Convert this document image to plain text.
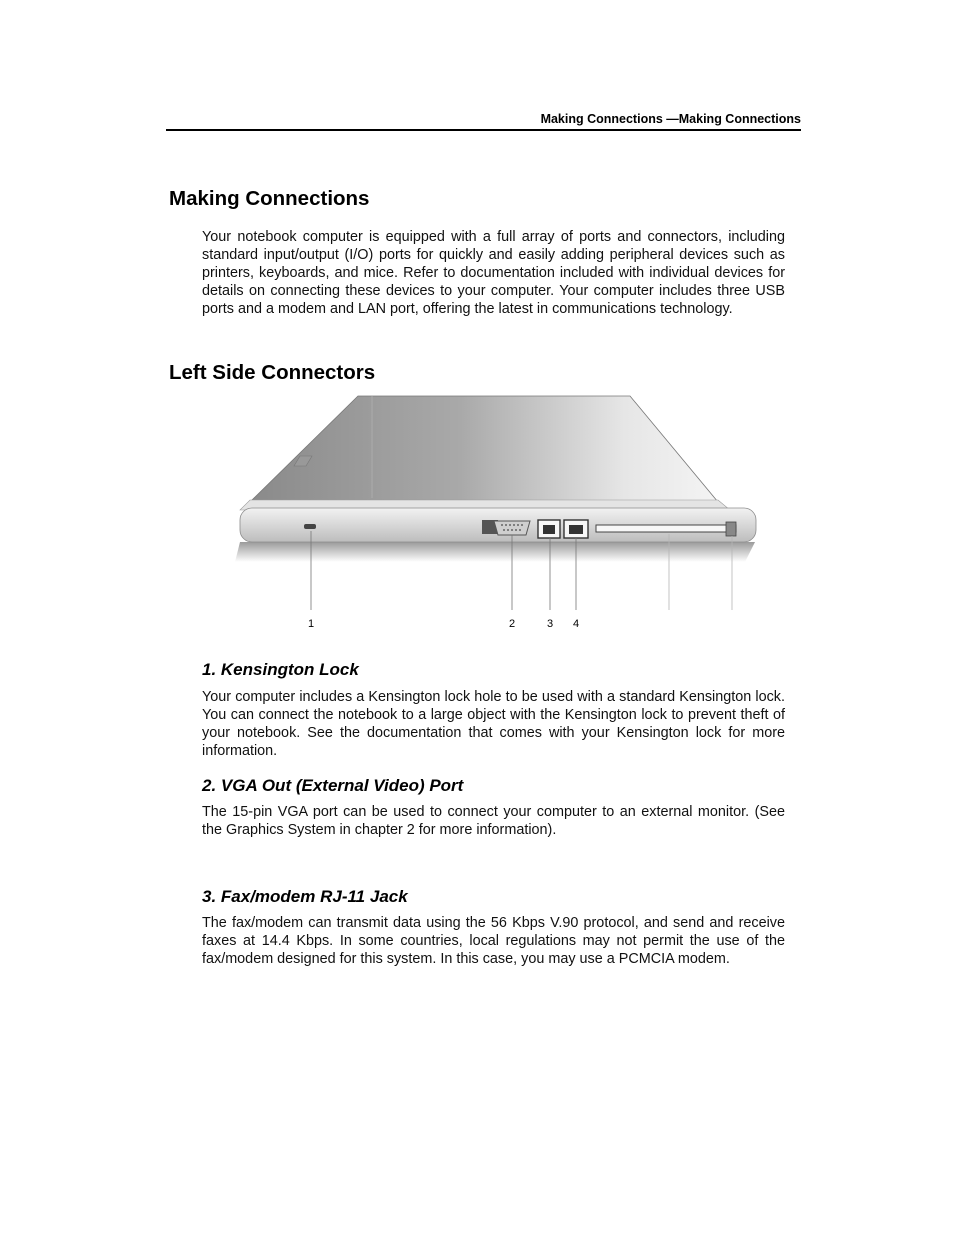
Making Connections —Making Connections
Making Connections

Your notebook computer is equipped with a full array of ports and connectors, including standard input/output (I/O) ports for quickly and easily adding peripheral devices such as printers, keyboards, and mice. Refer to documentation included with individual devices for details on connecting these devices to your computer. Your computer includes three USB ports and a modem and LAN port, offering the latest in communications technology.

Left Side Connectors
1	2	3 4
1. Kensington Lock

Your computer includes a Kensington lock hole to be used with a standard Kensington lock. You can connect the notebook to a large object with the Kensington lock to prevent theft of your notebook. See the documentation that comes with your Kensington lock for more information.

2. VGA Out (External Video) Port

The 15-pin VGA port can be used to connect your computer to an external monitor. (See the Graphics System in chapter 2 for more information).

3. Fax/modem RJ-11 Jack

The fax/modem can transmit data using the 56 Kbps V.90 protocol, and send and receive faxes at 14.4 Kbps. In some countries, local regulations may not permit the use of the fax/modem designed for this system. In this case, you may use a PCMCIA modem.
